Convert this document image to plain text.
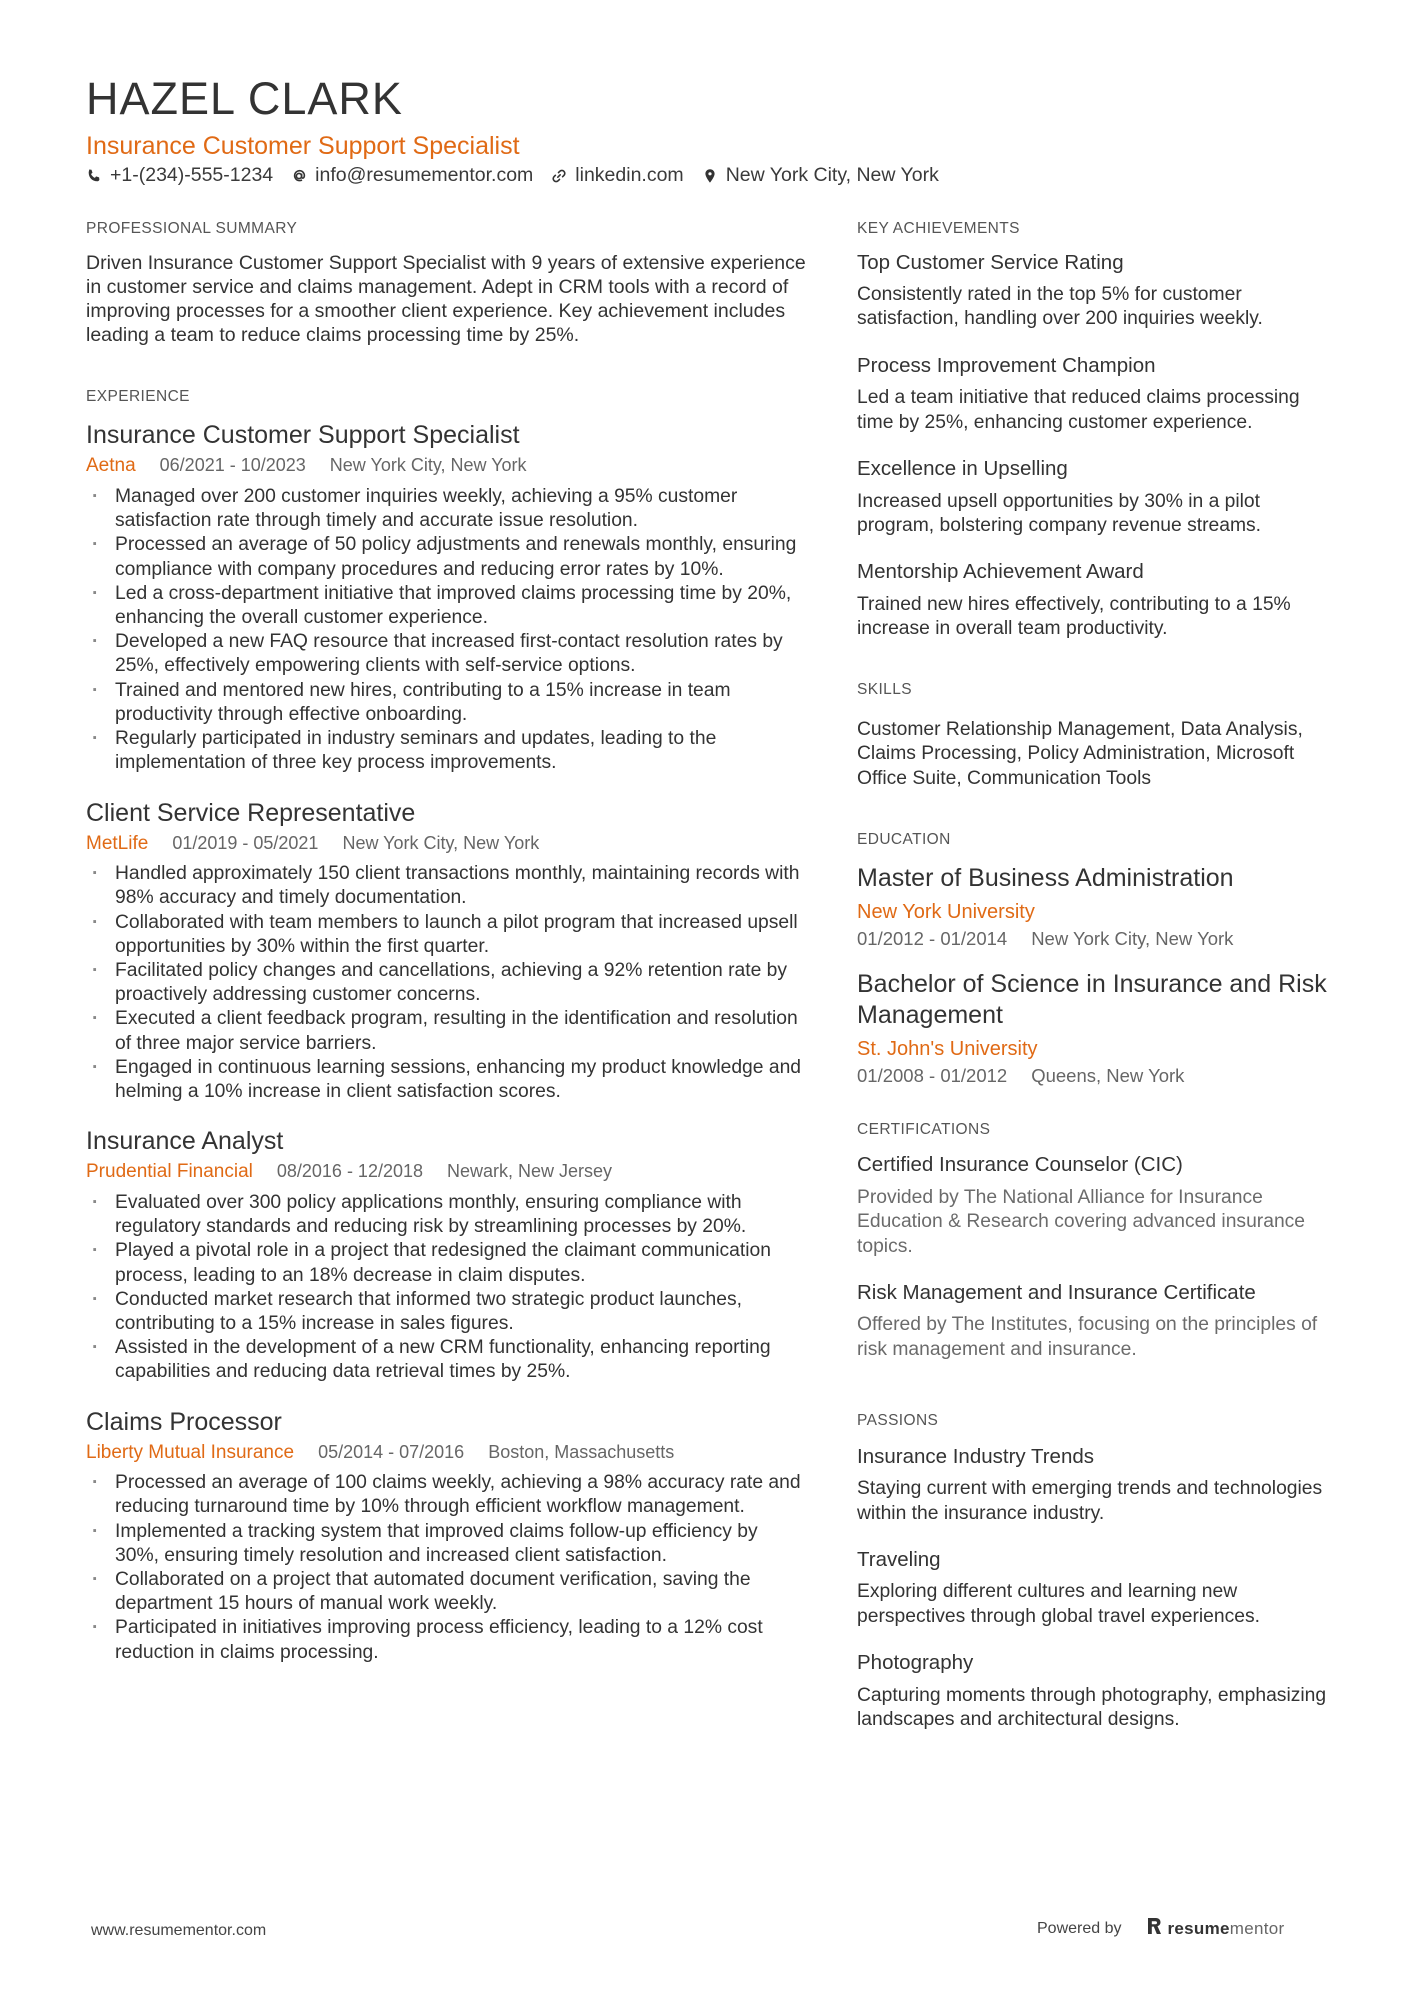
HAZEL CLARK
Insurance Customer Support Specialist
+1-(234)-555-1234 info@resumementor.com linkedin.com New York City, New York
PROFESSIONAL SUMMARY

Driven Insurance Customer Support Specialist with 9 years of extensive experience in customer service and claims management. Adept in CRM tools with a record of improving processes for a smoother client experience. Key achievement includes leading a team to reduce claims processing time by 25%.

EXPERIENCE
Insurance Customer Support Specialist
Aetna 06/2021 - 10/2023 New York City, New York
· Managed over 200 customer inquiries weekly, achieving a 95% customer satisfaction rate through timely and accurate issue resolution.
· Processed an average of 50 policy adjustments and renewals monthly, ensuring compliance with company procedures and reducing error rates by 10%.
· Led a cross-department initiative that improved claims processing time by 20%, enhancing the overall customer experience.
· Developed a new FAQ resource that increased first-contact resolution rates by 25%, effectively empowering clients with self-service options.
· Trained and mentored new hires, contributing to a 15% increase in team productivity through effective onboarding.
· Regularly participated in industry seminars and updates, leading to the implementation of three key process improvements.
Client Service Representative
MetLife 01/2019 - 05/2021 New York City, New York
· Handled approximately 150 client transactions monthly, maintaining records with 98% accuracy and timely documentation.
· Collaborated with team members to launch a pilot program that increased upsell opportunities by 30% within the first quarter.
· Facilitated policy changes and cancellations, achieving a 92% retention rate by proactively addressing customer concerns.
· Executed a client feedback program, resulting in the identification and resolution of three major service barriers.
· Engaged in continuous learning sessions, enhancing my product knowledge and helming a 10% increase in client satisfaction scores.
Insurance Analyst
Prudential Financial 08/2016 - 12/2018 Newark, New Jersey
· Evaluated over 300 policy applications monthly, ensuring compliance with regulatory standards and reducing risk by streamlining processes by 20%.
· Played a pivotal role in a project that redesigned the claimant communication process, leading to an 18% decrease in claim disputes.
· Conducted market research that informed two strategic product launches, contributing to a 15% increase in sales figures.
· Assisted in the development of a new CRM functionality, enhancing reporting capabilities and reducing data retrieval times by 25%.
Claims Processor
Liberty Mutual Insurance 05/2014 - 07/2016 Boston, Massachusetts
· Processed an average of 100 claims weekly, achieving a 98% accuracy rate and reducing turnaround time by 10% through efficient workflow management.
· Implemented a tracking system that improved claims follow-up efficiency by 30%, ensuring timely resolution and increased client satisfaction.
· Collaborated on a project that automated document verification, saving the department 15 hours of manual work weekly.
· Participated in initiatives improving process efficiency, leading to a 12% cost reduction in claims processing.
KEY ACHIEVEMENTS
Top Customer Service Rating

Consistently rated in the top 5% for customer satisfaction, handling over 200 inquiries weekly.

Process Improvement Champion

Led a team initiative that reduced claims processing time by 25%, enhancing customer experience.

Excellence in Upselling

Increased upsell opportunities by 30% in a pilot program, bolstering company revenue streams.

Mentorship Achievement Award

Trained new hires effectively, contributing to a 15% increase in overall team productivity.

SKILLS

Customer Relationship Management, Data Analysis, Claims Processing, Policy Administration, Microsoft Office Suite, Communication Tools

EDUCATION
Master of Business Administration
New York University
01/2012 - 01/2014 New York City, New York
Bachelor of Science in Insurance and Risk Management
St. John's University
01/2008 - 01/2012 Queens, New York
CERTIFICATIONS
Certified Insurance Counselor (CIC)

Provided by The National Alliance for Insurance Education & Research covering advanced insurance topics.

Risk Management and Insurance Certificate

Offered by The Institutes, focusing on the principles of risk management and insurance.

PASSIONS
Insurance Industry Trends

Staying current with emerging trends and technologies within the insurance industry.

Traveling

Exploring different cultures and learning new perspectives through global travel experiences.

Photography

Capturing moments through photography, emphasizing landscapes and architectural designs.

www.resumementor.com	Powered by	resume mentor
